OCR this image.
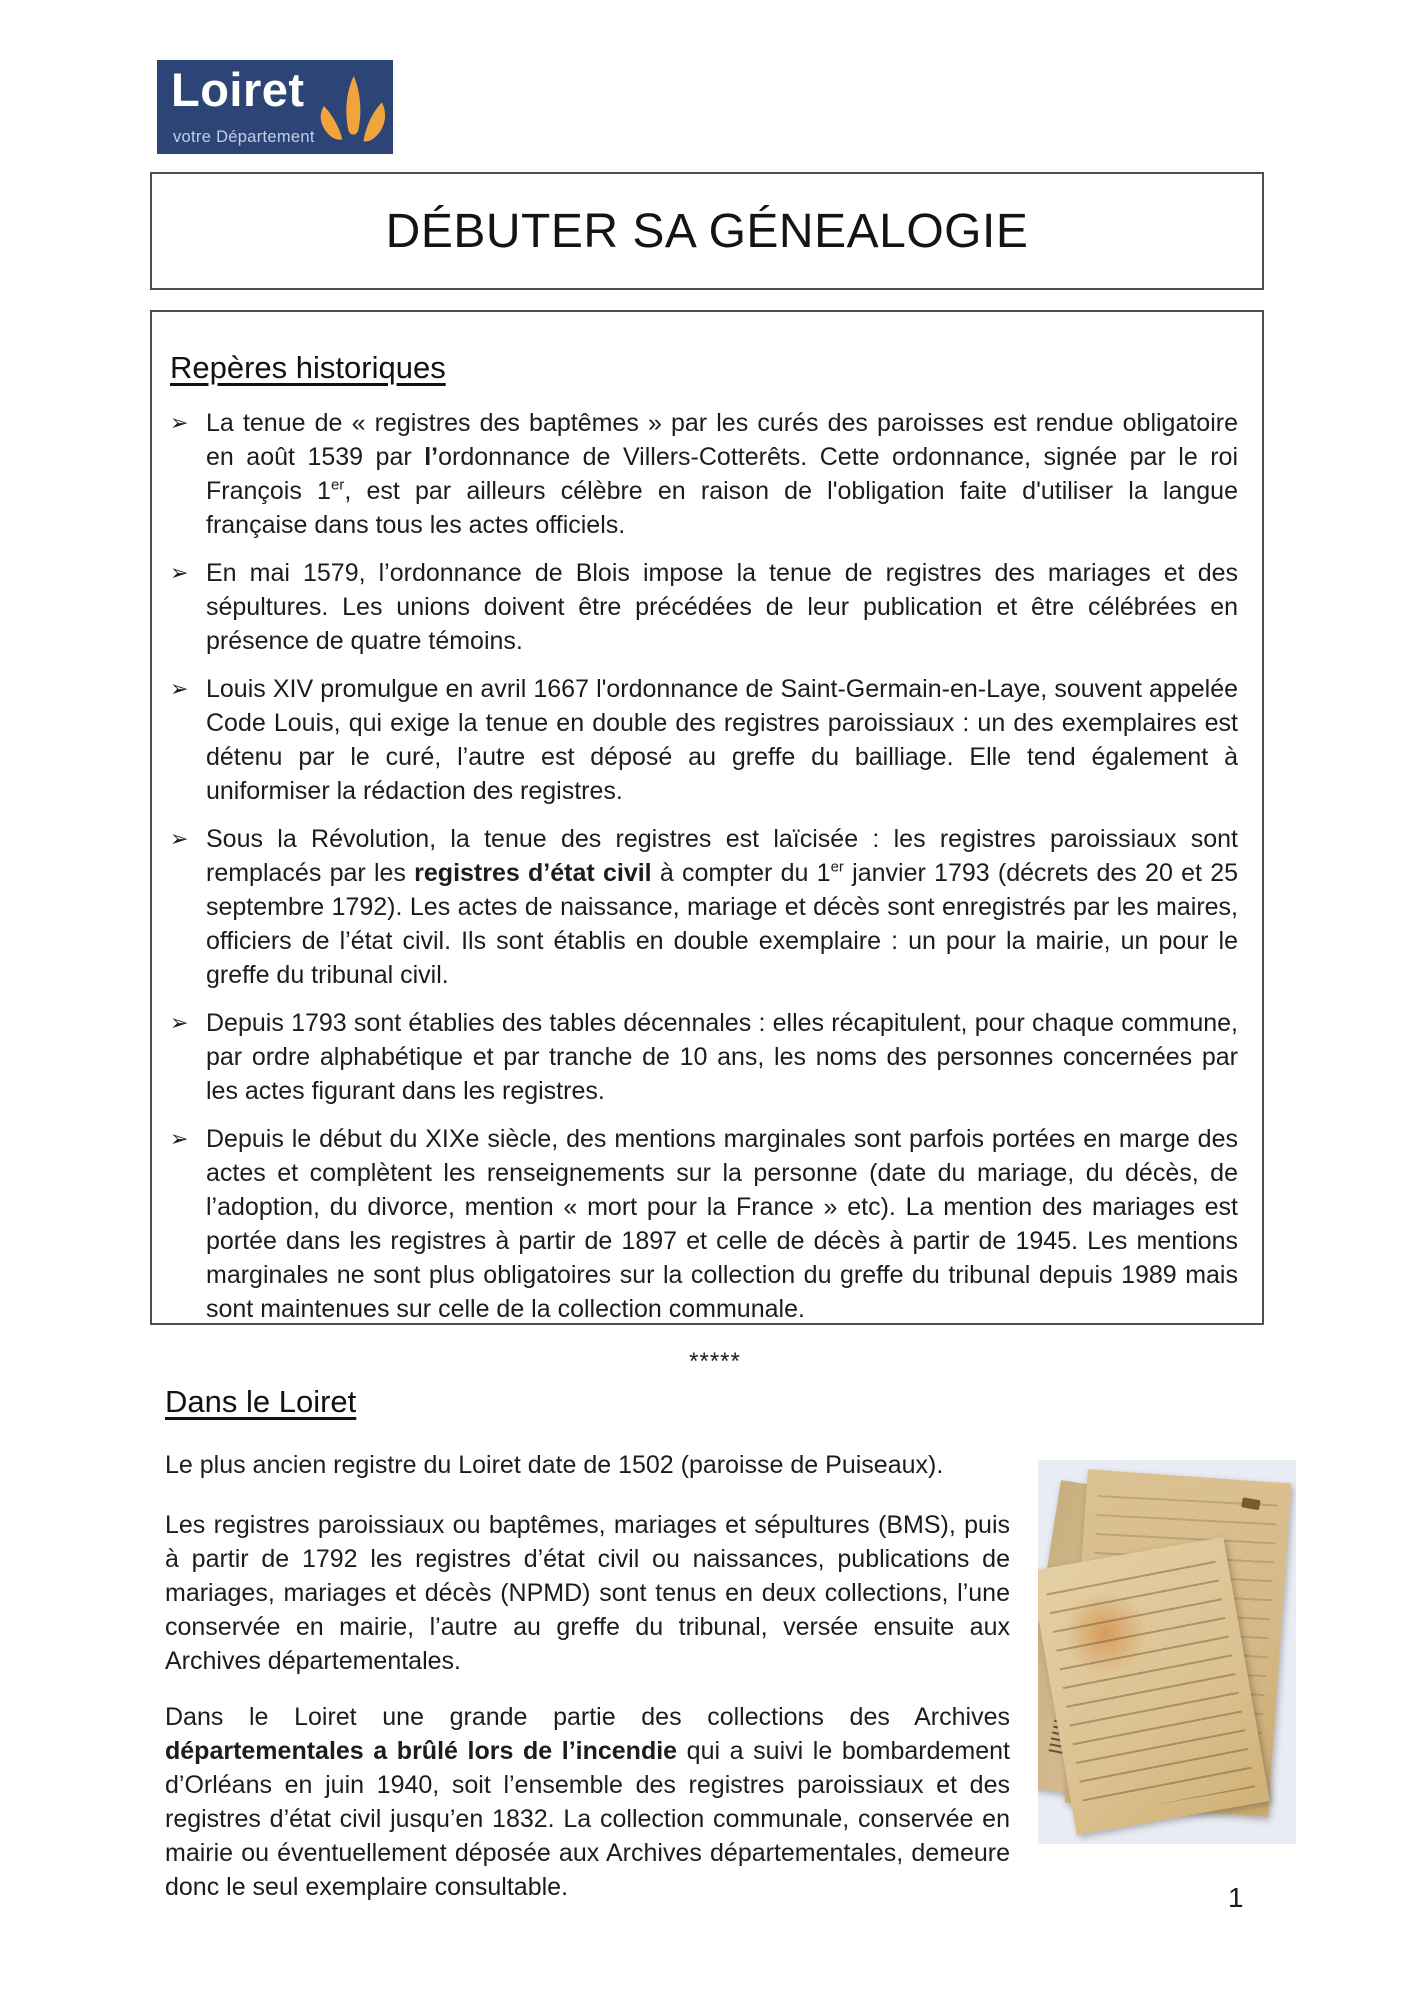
Loiret
votre Département
DÉBUTER SA GÉNEALOGIE
Repères historiques
➢ La tenue de « registres des baptêmes » par les curés des paroisses est rendue obligatoire en août 1539 par l’ordonnance de Villers-Cotterêts. Cette ordonnance, signée par le roi François 1er, est par ailleurs célèbre en raison de l'obligation faite d'utiliser la langue française dans tous les actes officiels.
➢ En mai 1579, l’ordonnance de Blois impose la tenue de registres des mariages et des sépultures. Les unions doivent être précédées de leur publication et être célébrées en présence de quatre témoins.
➢ Louis XIV promulgue en avril 1667 l'ordonnance de Saint-Germain-en-Laye, souvent appelée Code Louis, qui exige la tenue en double des registres paroissiaux : un des exemplaires est détenu par le curé, l’autre est déposé au greffe du bailliage. Elle tend également à uniformiser la rédaction des registres.
➢ Sous la Révolution, la tenue des registres est laïcisée : les registres paroissiaux sont remplacés par les registres d’état civil à compter du 1er janvier 1793 (décrets des 20 et 25 septembre 1792). Les actes de naissance, mariage et décès sont enregistrés par les maires, officiers de l’état civil. Ils sont établis en double exemplaire : un pour la mairie, un pour le greffe du tribunal civil.
➢ Depuis 1793 sont établies des tables décennales : elles récapitulent, pour chaque commune, par ordre alphabétique et par tranche de 10 ans, les noms des personnes concernées par les actes figurant dans les registres.
➢ Depuis le début du XIXe siècle, des mentions marginales sont parfois portées en marge des actes et complètent les renseignements sur la personne (date du mariage, du décès, de l’adoption, du divorce, mention « mort pour la France » etc). La mention des mariages est portée dans les registres à partir de 1897 et celle de décès à partir de 1945. Les mentions marginales ne sont plus obligatoires sur la collection du greffe du tribunal depuis 1989 mais sont maintenues sur celle de la collection communale.
*****
Dans le Loiret

Le plus ancien registre du Loiret date de 1502 (paroisse de Puiseaux).

Les registres paroissiaux ou baptêmes, mariages et sépultures (BMS), puis à partir de 1792 les registres d’état civil ou naissances, publications de mariages, mariages et décès (NPMD) sont tenus en deux collections, l’une conservée en mairie, l’autre au greffe du tribunal, versée ensuite aux Archives départementales.

Dans le Loiret une grande partie des collections des Archives départementales a brûlé lors de l’incendie qui a suivi le bombardement d’Orléans en juin 1940, soit l’ensemble des registres paroissiaux et des registres d’état civil jusqu’en 1832. La collection communale, conservée en mairie ou éventuellement déposée aux Archives départementales, demeure donc le seul exemplaire consultable.	1
